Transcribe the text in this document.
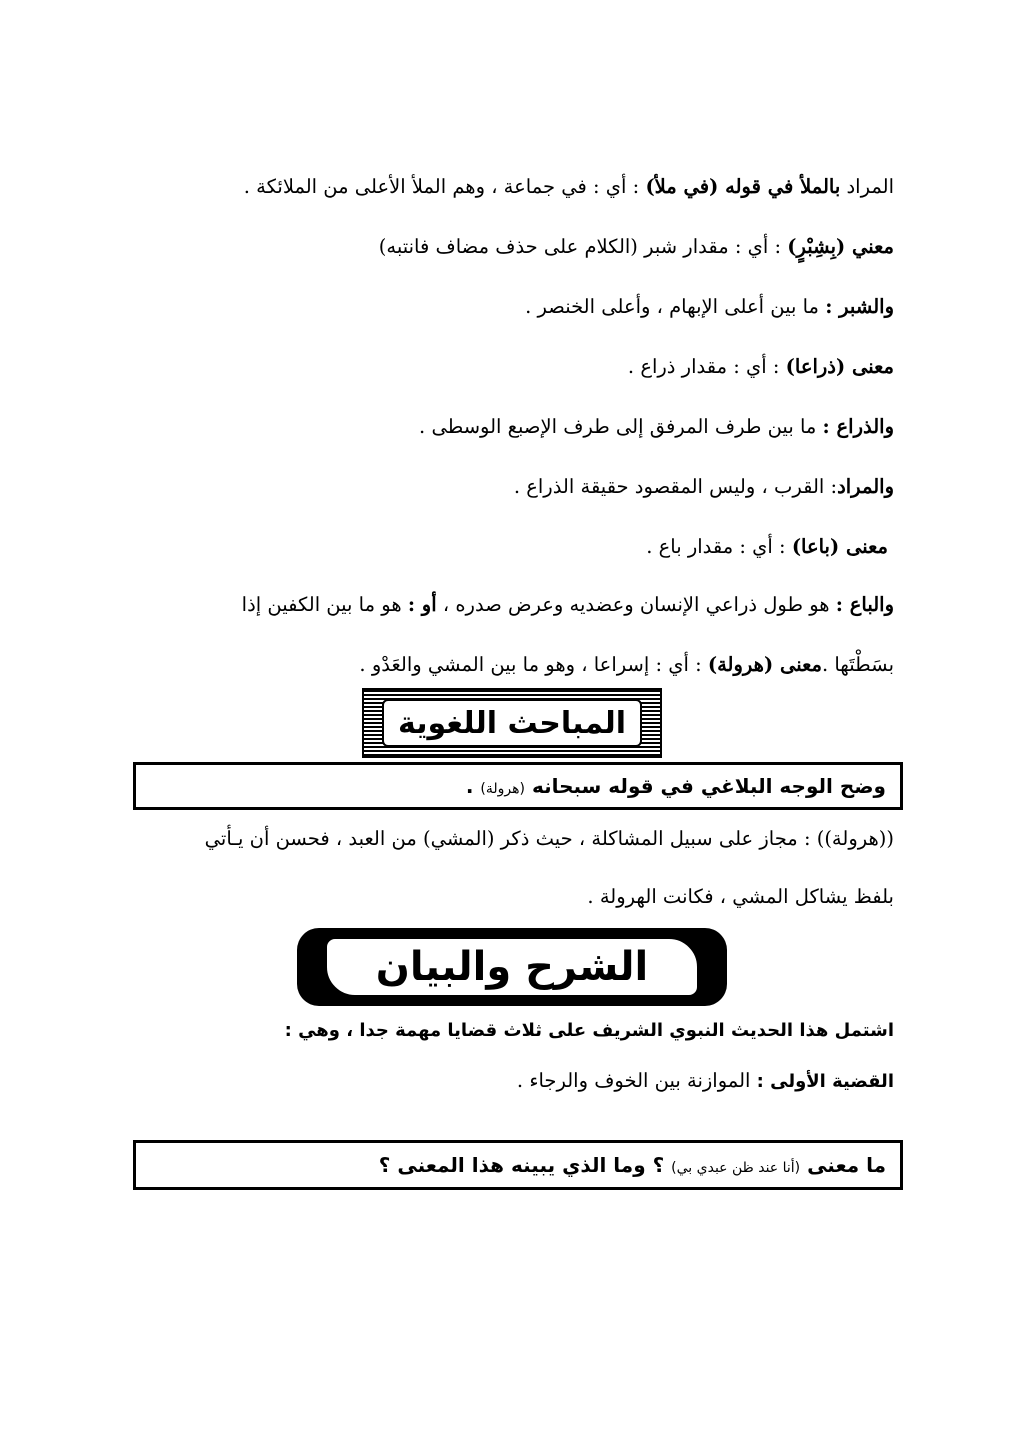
المراد بالملأ في قوله (في ملأ) : أي : في جماعة ، وهم الملأ الأعلى من الملائكة .
معني (بِشِبْرٍ) : أي : مقدار شبر (الكلام على حذف مضاف فانتبه)
والشبر : ما بين أعلى الإبهام ، وأعلى الخنصر .
معنى (ذراعا) : أي : مقدار ذراع .
والذراع : ما بين طرف المرفق إلى طرف الإصبع الوسطى .
والمراد: القرب ، وليس المقصود حقيقة الذراع .
معنى (باعا) : أي : مقدار باع .
والباع : هو طول ذراعي الإنسان وعضديه وعرض صدره ، أو : هو ما بين الكفين إذا
بسَطْتَها .معنى (هرولة) : أي : إسراعا ، وهو ما بين المشي والعَدْو .
المباحث اللغوية
وضح الوجه البلاغي في قوله سبحانه (هرولة) .
((هرولة)) : مجاز على سبيل المشاكلة ، حيث ذكر (المشي) من العبد ، فحسن أن يـأتي
بلفظ يشاكل المشي ، فكانت الهرولة .
الشرح والبيان
اشتمل هذا الحديث النبوي الشريف على ثلاث قضايا مهمة جدا ، وهي :
القضية الأولى : الموازنة بين الخوف والرجاء .
ما معنى (أنا عند ظن عبدي بي) ؟ وما الذي يبينه هذا المعنى ؟
